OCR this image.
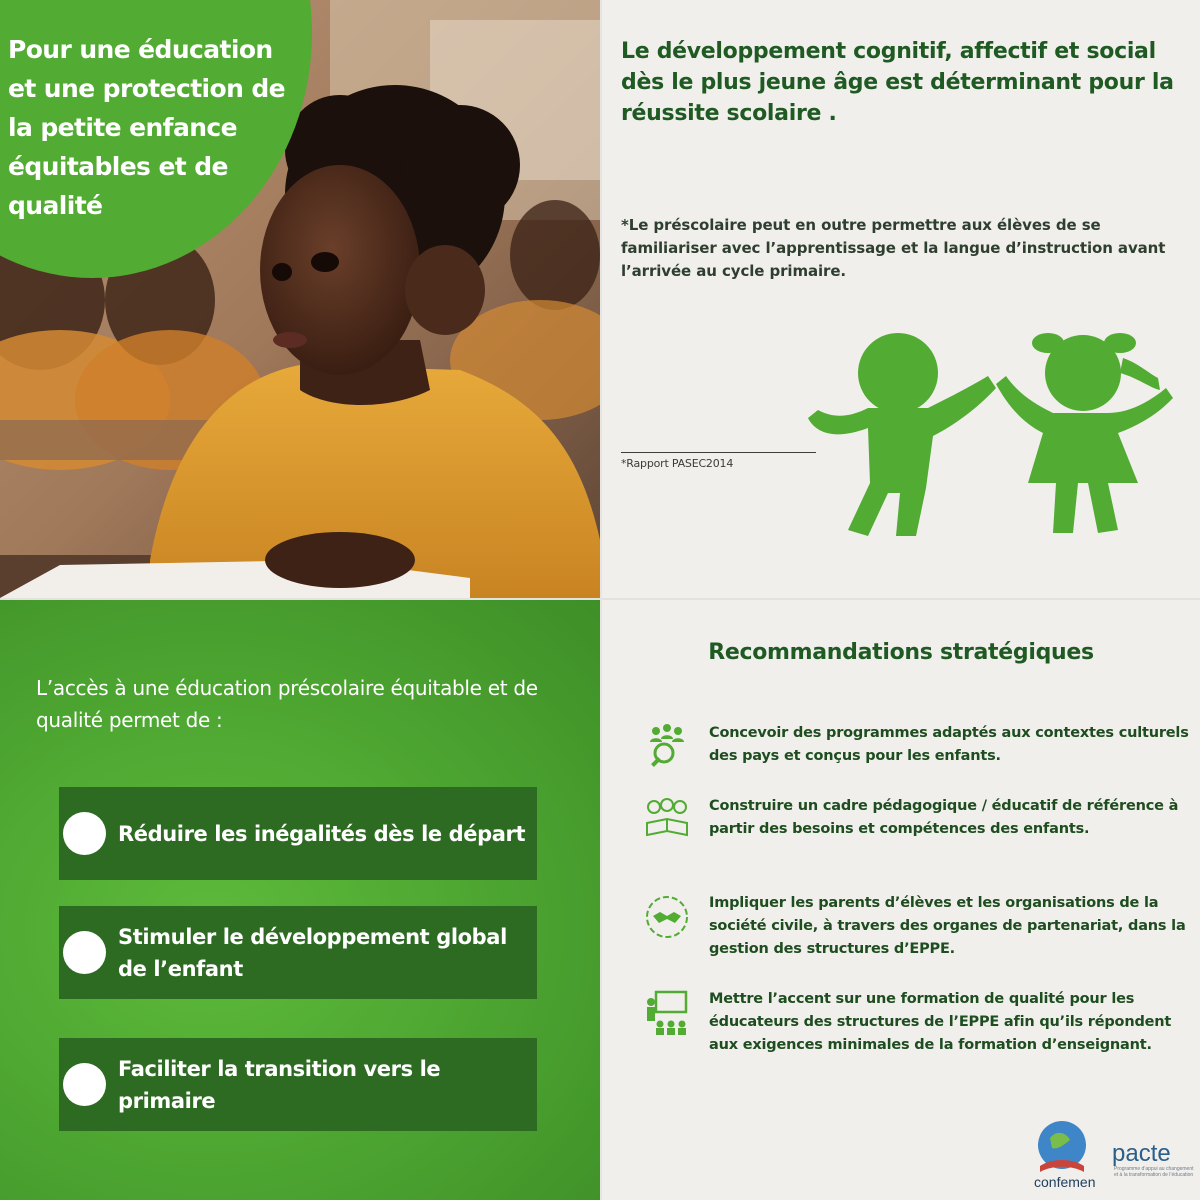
Pour une éducation et une protection de la petite enfance équitables et de qualité

Le développement cognitif, affectif et social dès le plus jeune âge est déterminant pour la réussite scolaire .

*Le préscolaire peut en outre permettre aux élèves de se familiariser avec l’apprentissage et la langue d’instruction avant l’arrivée au cycle primaire.

*Rapport PASEC2014

L’accès à une éducation préscolaire équitable et de qualité permet de :

Réduire les inégalités dès le départ

Stimuler le développement global de l’enfant

Faciliter la transition vers le primaire

Recommandations stratégiques

Concevoir des programmes adaptés aux contextes culturels des pays et conçus pour les enfants.

Construire un cadre pédagogique / éducatif de référence à partir des besoins et compétences des enfants.

Impliquer les parents d’élèves et les organisations de la société civile, à travers des organes de partenariat, dans la gestion des structures d’EPPE.

Mettre l’accent sur une formation de qualité pour les éducateurs des structures de l’EPPE afin qu’ils répondent aux exigences minimales de la formation d’enseignant.

confemen

pacte

Programme d’appui au changement et à la transformation de l’éducation
